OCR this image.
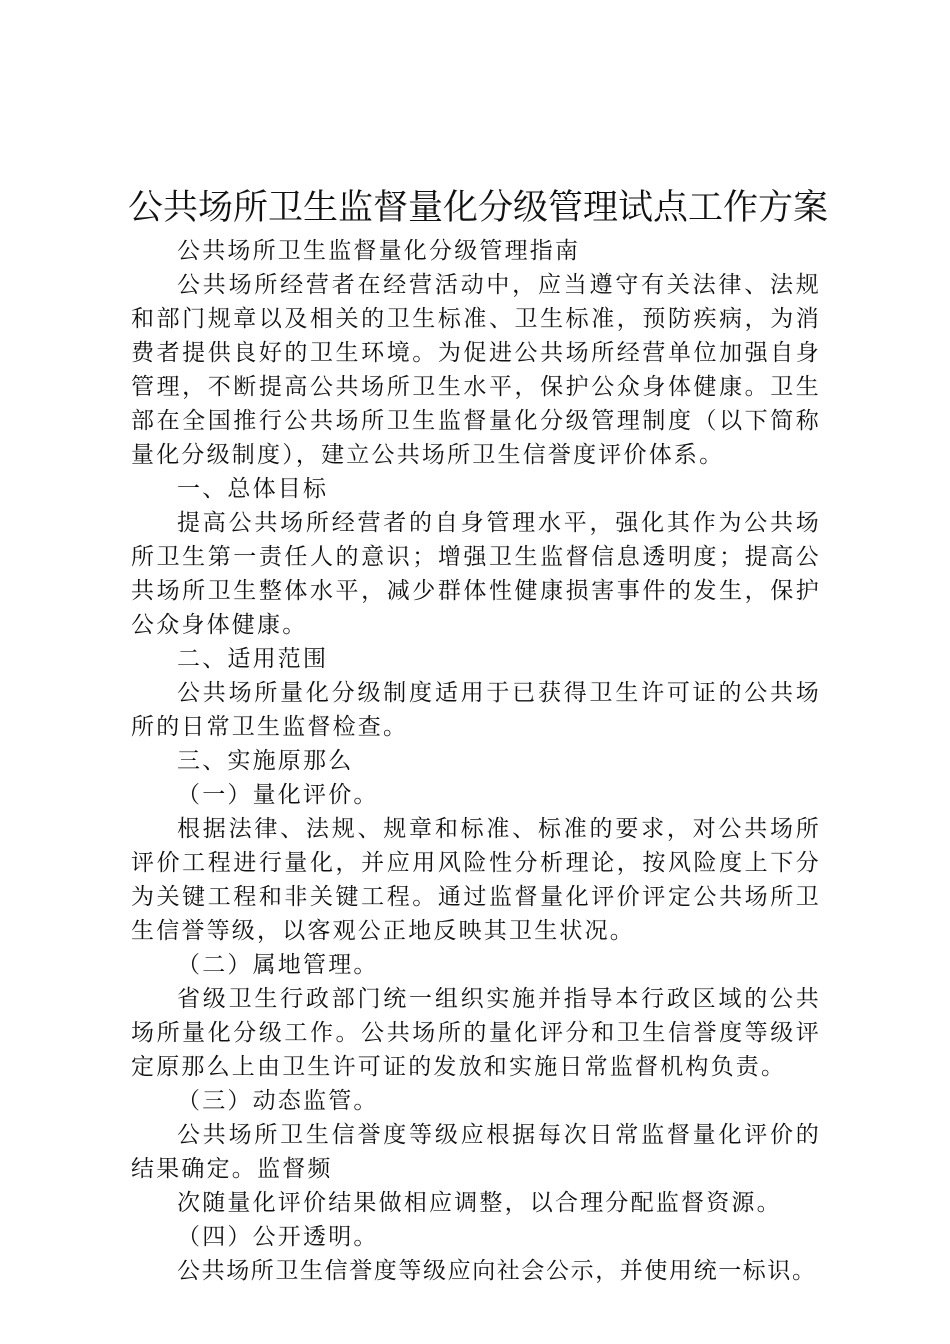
公共场所卫生监督量化分级管理试点工作方案

公共场所卫生监督量化分级管理指南

公共场所经营者在经营活动中，应当遵守有关法律、法规和部门规章以及相关的卫生标准、卫生标准，预防疾病，为消费者提供良好的卫生环境。为促进公共场所经营单位加强自身管理，不断提高公共场所卫生水平，保护公众身体健康。卫生部在全国推行公共场所卫生监督量化分级管理制度（以下简称量化分级制度），建立公共场所卫生信誉度评价体系。

一、总体目标

提高公共场所经营者的自身管理水平，强化其作为公共场所卫生第一责任人的意识；增强卫生监督信息透明度；提高公共场所卫生整体水平，减少群体性健康损害事件的发生，保护公众身体健康。

二、适用范围

公共场所量化分级制度适用于已获得卫生许可证的公共场所的日常卫生监督检查。

三、实施原那么

（一）量化评价。

根据法律、法规、规章和标准、标准的要求，对公共场所评价工程进行量化，并应用风险性分析理论，按风险度上下分为关键工程和非关键工程。通过监督量化评价评定公共场所卫生信誉等级，以客观公正地反映其卫生状况。

（二）属地管理。

省级卫生行政部门统一组织实施并指导本行政区域的公共场所量化分级工作。公共场所的量化评分和卫生信誉度等级评定原那么上由卫生许可证的发放和实施日常监督机构负责。

（三）动态监管。

公共场所卫生信誉度等级应根据每次日常监督量化评价的结果确定。监督频

次随量化评价结果做相应调整，以合理分配监督资源。

（四）公开透明。

公共场所卫生信誉度等级应向社会公示，并使用统一标识。
